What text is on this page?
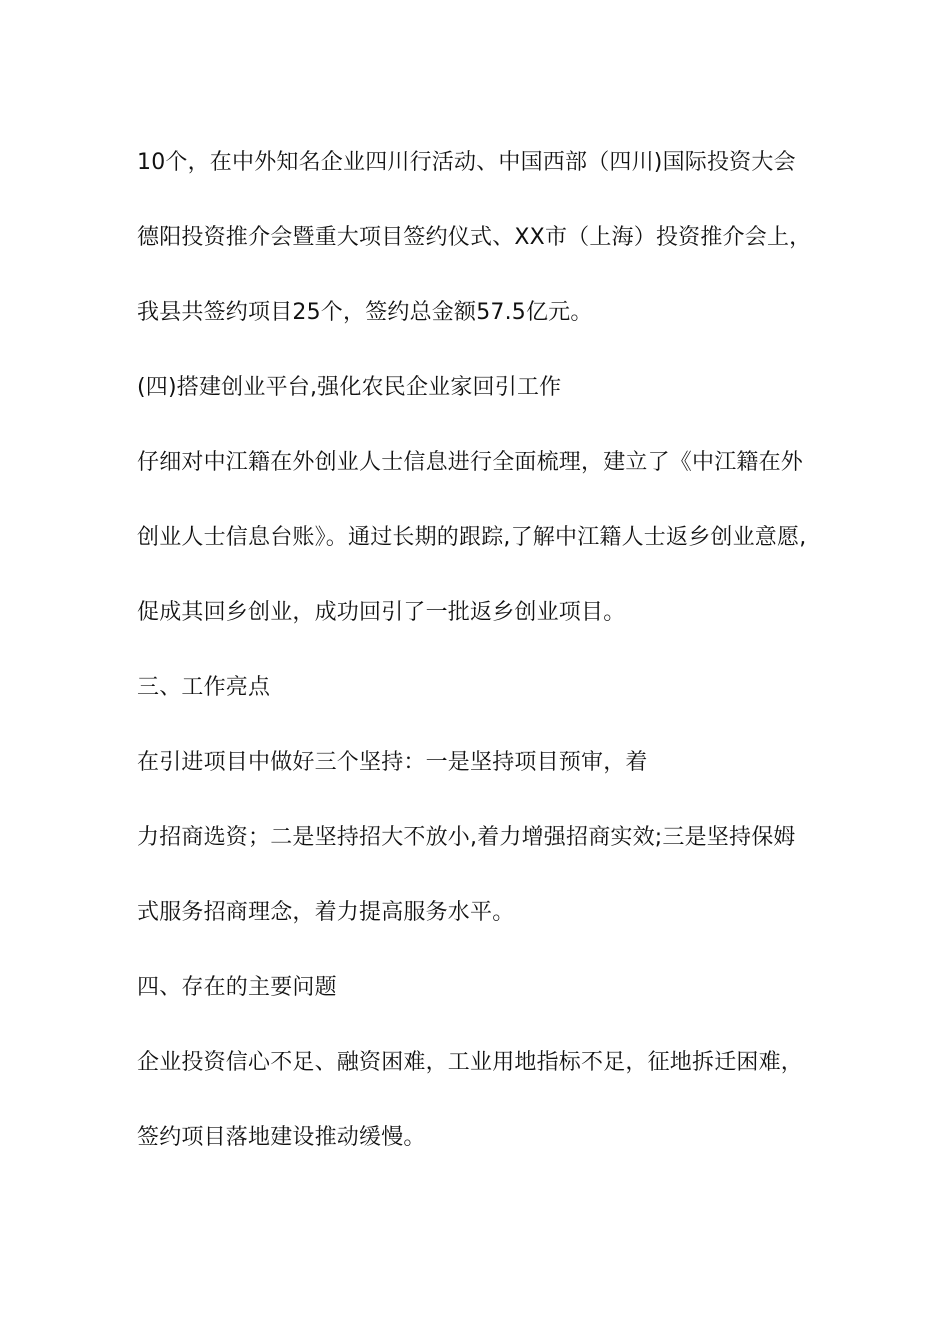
10个，在中外知名企业四川行活动、中国西部（四川)国际投资大会
德阳投资推介会暨重大项目签约仪式、XX市（上海）投资推介会上，
我县共签约项目25个，签约总金额57.5亿元。
(四)搭建创业平台,强化农民企业家回引工作
仔细对中江籍在外创业人士信息进行全面梳理，建立了《中江籍在外
创业人士信息台账》。通过长期的跟踪,了解中江籍人士返乡创业意愿,
促成其回乡创业，成功回引了一批返乡创业项目。
三、工作亮点
在引进项目中做好三个坚持：一是坚持项目预审，着
力招商选资；二是坚持招大不放小,着力增强招商实效;三是坚持保姆
式服务招商理念，着力提高服务水平。
四、存在的主要问题
企业投资信心不足、融资困难，工业用地指标不足，征地拆迁困难，
签约项目落地建设推动缓慢。
